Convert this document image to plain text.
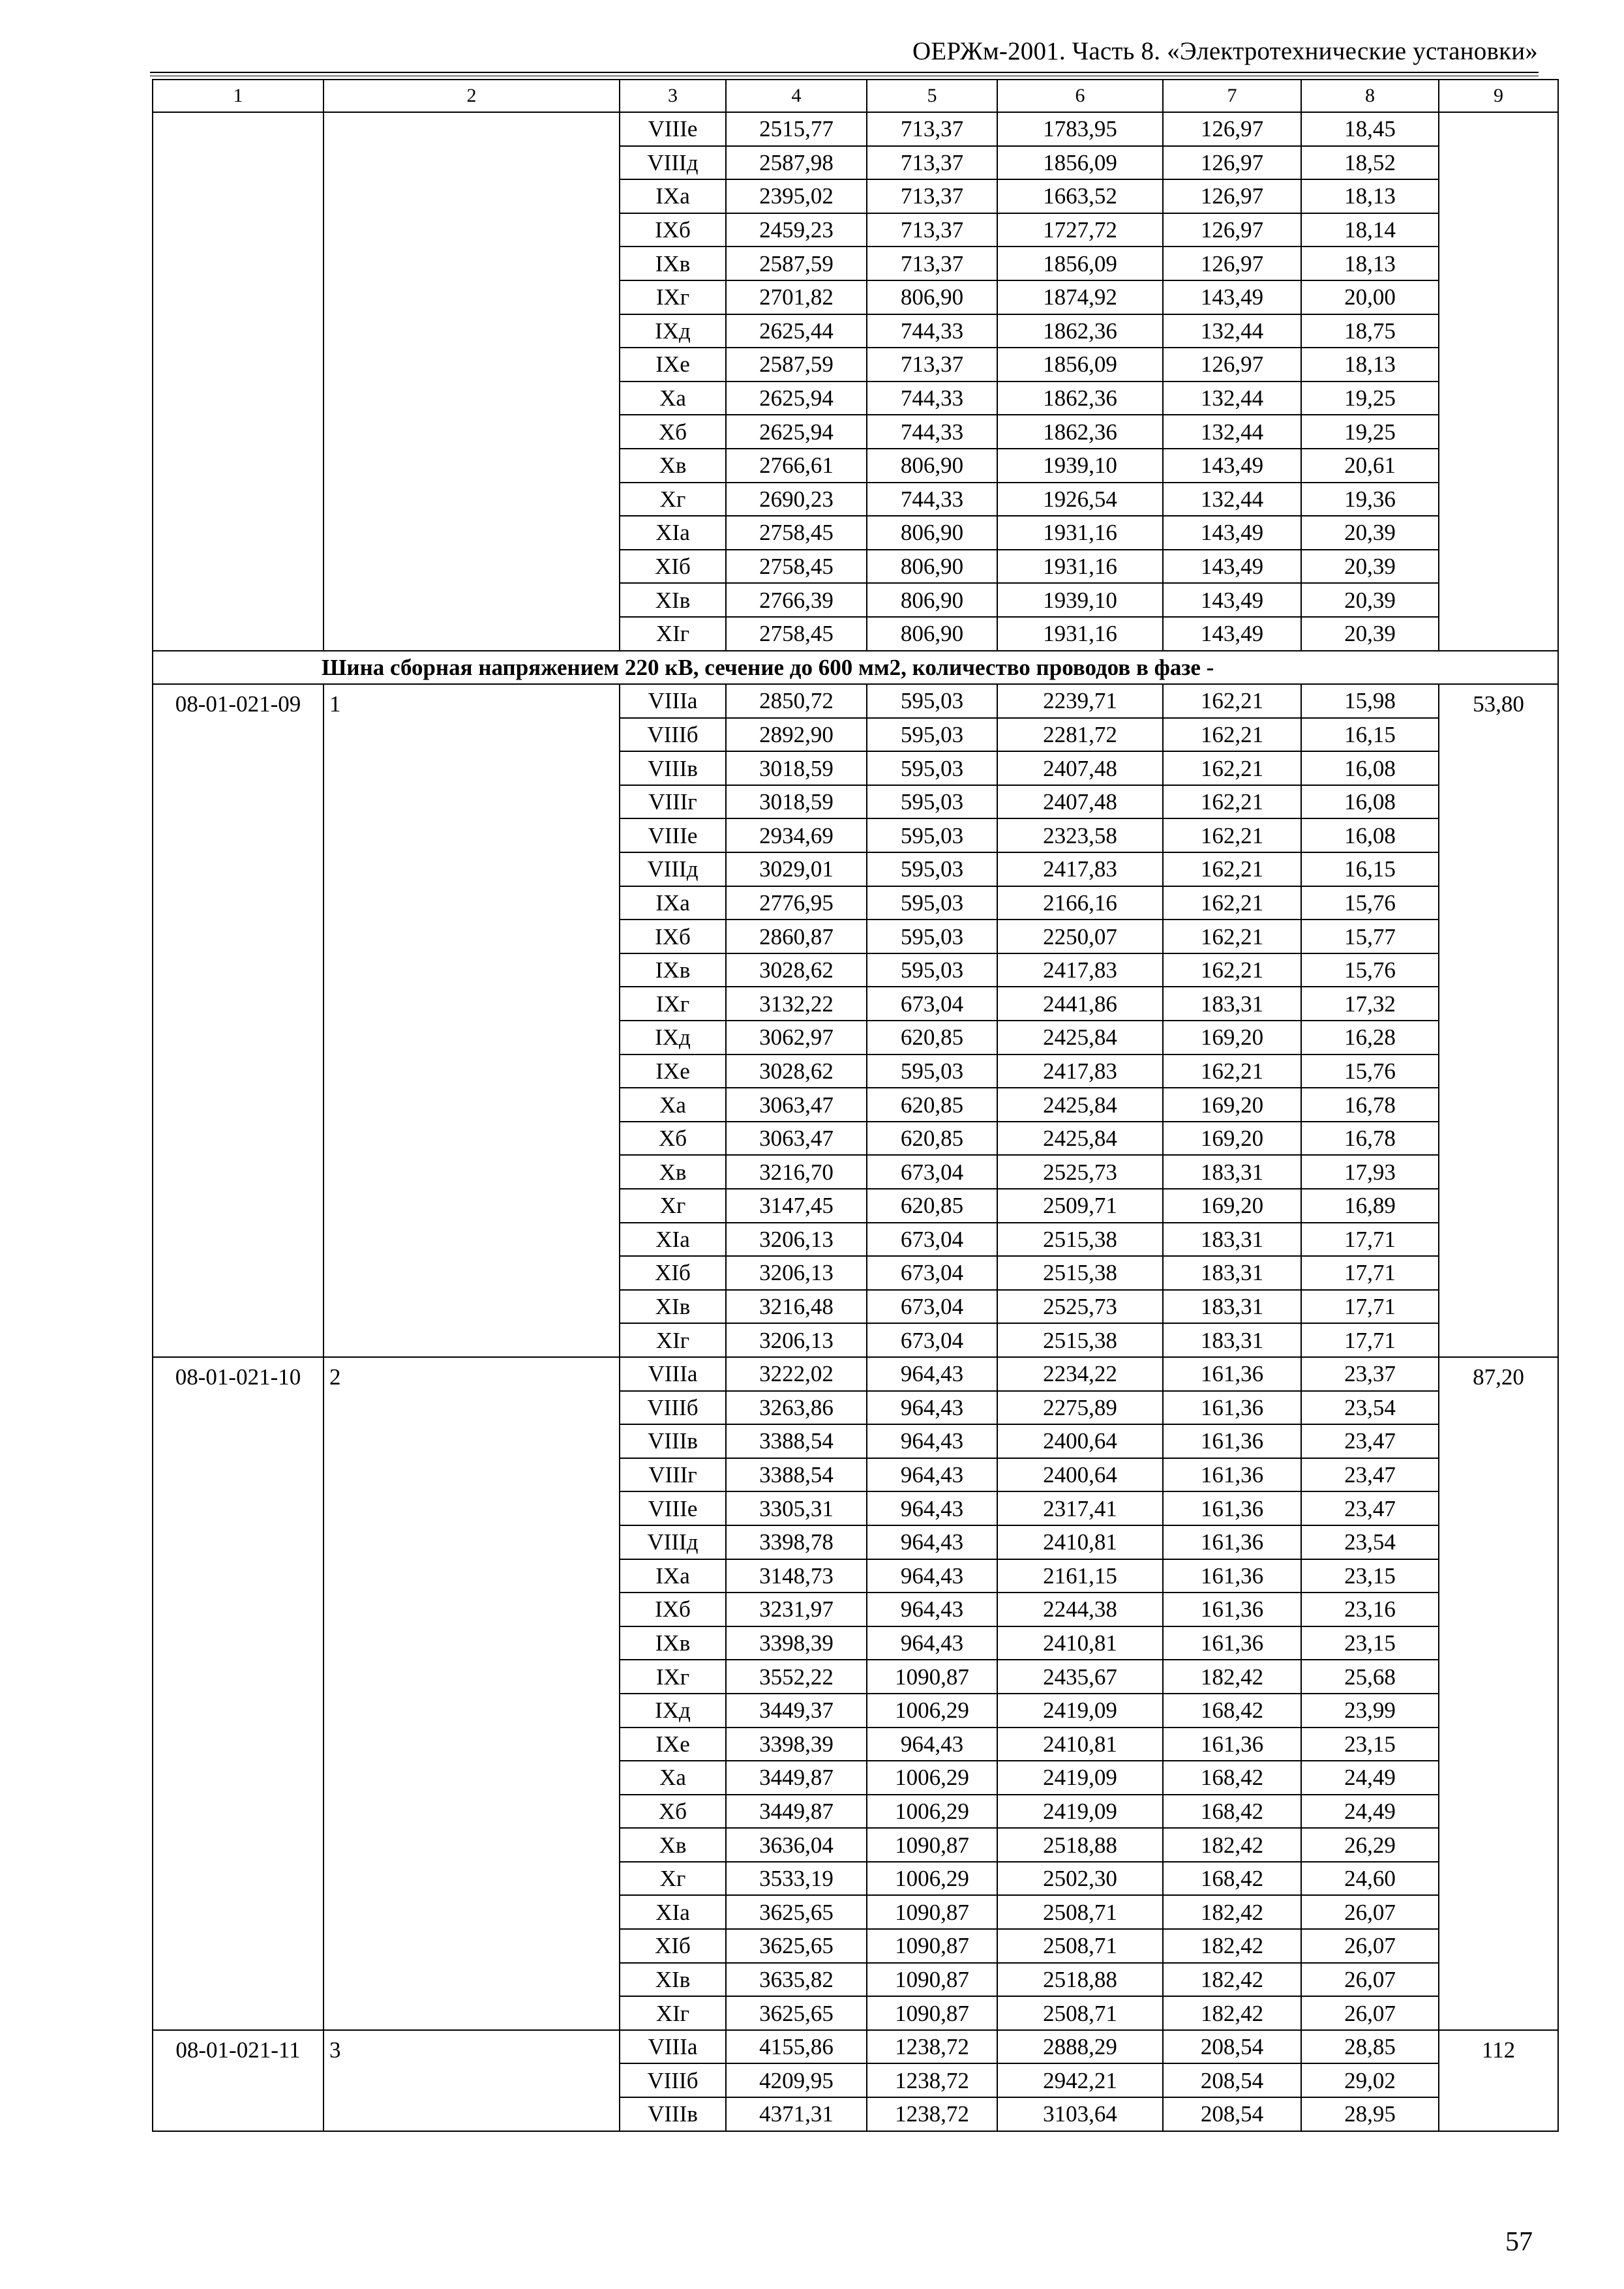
ОЕРЖм-2001. Часть 8. «Электротехнические установки»
1	2	3	4	5	6	7	8	9
		VIIIe	2515,77	713,37	1783,95	126,97	18,45	
		VIIIд	2587,98	713,37	1856,09	126,97	18,52	
		IXa	2395,02	713,37	1663,52	126,97	18,13	
		IXб	2459,23	713,37	1727,72	126,97	18,14	
		IXв	2587,59	713,37	1856,09	126,97	18,13	
		IXг	2701,82	806,90	1874,92	143,49	20,00	
		IXд	2625,44	744,33	1862,36	132,44	18,75	
		IXe	2587,59	713,37	1856,09	126,97	18,13	
		Xa	2625,94	744,33	1862,36	132,44	19,25	
		Xб	2625,94	744,33	1862,36	132,44	19,25	
		Xв	2766,61	806,90	1939,10	143,49	20,61	
		Xг	2690,23	744,33	1926,54	132,44	19,36	
		XIa	2758,45	806,90	1931,16	143,49	20,39	
		XIб	2758,45	806,90	1931,16	143,49	20,39	
		XIв	2766,39	806,90	1939,10	143,49	20,39	
		XIг	2758,45	806,90	1931,16	143,49	20,39	
Шина сборная напряжением 220 кВ, сечение до 600 мм2, количество проводов в фазе -								
08-01-021-09	1	VIIIa	2850,72	595,03	2239,71	162,21	15,98	53,80
		VIIIб	2892,90	595,03	2281,72	162,21	16,15	
		VIIIв	3018,59	595,03	2407,48	162,21	16,08	
		VIIIг	3018,59	595,03	2407,48	162,21	16,08	
		VIIIe	2934,69	595,03	2323,58	162,21	16,08	
		VIIIд	3029,01	595,03	2417,83	162,21	16,15	
		IXa	2776,95	595,03	2166,16	162,21	15,76	
		IXб	2860,87	595,03	2250,07	162,21	15,77	
		IXв	3028,62	595,03	2417,83	162,21	15,76	
		IXг	3132,22	673,04	2441,86	183,31	17,32	
		IXд	3062,97	620,85	2425,84	169,20	16,28	
		IXe	3028,62	595,03	2417,83	162,21	15,76	
		Xa	3063,47	620,85	2425,84	169,20	16,78	
		Xб	3063,47	620,85	2425,84	169,20	16,78	
		Xв	3216,70	673,04	2525,73	183,31	17,93	
		Xг	3147,45	620,85	2509,71	169,20	16,89	
		XIa	3206,13	673,04	2515,38	183,31	17,71	
		XIб	3206,13	673,04	2515,38	183,31	17,71	
		XIв	3216,48	673,04	2525,73	183,31	17,71	
		XIг	3206,13	673,04	2515,38	183,31	17,71	
08-01-021-10	2	VIIIa	3222,02	964,43	2234,22	161,36	23,37	87,20
		VIIIб	3263,86	964,43	2275,89	161,36	23,54	
		VIIIв	3388,54	964,43	2400,64	161,36	23,47	
		VIIIг	3388,54	964,43	2400,64	161,36	23,47	
		VIIIe	3305,31	964,43	2317,41	161,36	23,47	
		VIIIд	3398,78	964,43	2410,81	161,36	23,54	
		IXa	3148,73	964,43	2161,15	161,36	23,15	
		IXб	3231,97	964,43	2244,38	161,36	23,16	
		IXв	3398,39	964,43	2410,81	161,36	23,15	
		IXг	3552,22	1090,87	2435,67	182,42	25,68	
		IXд	3449,37	1006,29	2419,09	168,42	23,99	
		IXe	3398,39	964,43	2410,81	161,36	23,15	
		Xa	3449,87	1006,29	2419,09	168,42	24,49	
		Xб	3449,87	1006,29	2419,09	168,42	24,49	
		Xв	3636,04	1090,87	2518,88	182,42	26,29	
		Xг	3533,19	1006,29	2502,30	168,42	24,60	
		XIa	3625,65	1090,87	2508,71	182,42	26,07	
		XIб	3625,65	1090,87	2508,71	182,42	26,07	
		XIв	3635,82	1090,87	2518,88	182,42	26,07	
		XIг	3625,65	1090,87	2508,71	182,42	26,07	
08-01-021-11	3	VIIIa	4155,86	1238,72	2888,29	208,54	28,85	112
		VIIIб	4209,95	1238,72	2942,21	208,54	29,02	
		VIIIв	4371,31	1238,72	3103,64	208,54	28,95	
57
